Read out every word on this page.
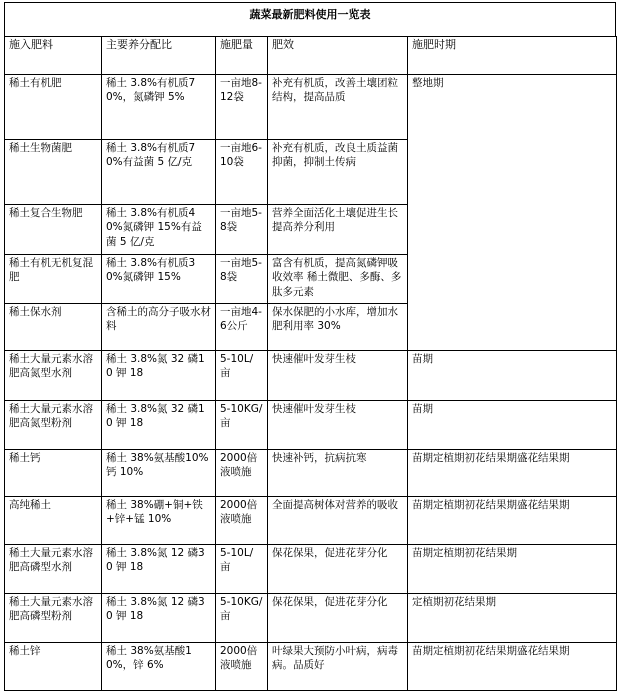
蔬菜最新肥料使用一览表
施入肥料	主要养分配比	施肥量	肥效	施肥时期
稀土有机肥	稀土 3.8%有机质70%，氮磷钾 5%	一亩地8-12袋	补充有机质，改善土壤团粒结构，提高品质	整地期
稀土生物菌肥	稀土 3.8%有机质70%有益菌 5 亿/克	一亩地6-10袋	补充有机质，改良土质益菌抑菌，抑制土传病	
稀土复合生物肥	稀土 3.8%有机质40%氮磷钾 15%有益菌 5 亿/克	一亩地5-8袋	营养全面活化土壤促进生长提高养分利用	
稀土有机无机复混肥	稀土 3.8%有机质30%氮磷钾 15%	一亩地5-8袋	富含有机质，提高氮磷钾吸收效率 稀土微肥、多酶、多肽多元素	
稀土保水剂	含稀土的高分子吸水材料	一亩地4-6公斤	保水保肥的小水库，增加水肥利用率 30%	
稀土大量元素水溶肥高氮型水剂	稀土 3.8%氮 32 磷10 钾 18	5-10L/亩	快速催叶发芽生枝	苗期
稀土大量元素水溶肥高氮型粉剂	稀土 3.8%氮 32 磷10 钾 18	5-10KG/亩	快速催叶发芽生枝	苗期
稀土钙	稀土 38%氨基酸10%钙 10%	2000倍液喷施	快速补钙，抗病抗寒	苗期定植期初花结果期盛花结果期
高纯稀土	稀土 38%硼+铜+铁+锌+锰 10%	2000倍液喷施	全面提高树体对营养的吸收	苗期定植期初花结果期盛花结果期
稀土大量元素水溶肥高磷型水剂	稀土 3.8%氮 12 磷30 钾 18	5-10L/亩	保花保果，促进花芽分化	苗期定植期初花结果期
稀土大量元素水溶肥高磷型粉剂	稀土 3.8%氮 12 磷30 钾 18	5-10KG/亩	保花保果，促进花芽分化	定植期初花结果期
稀土锌	稀土 38%氨基酸10%，锌 6%	2000倍液喷施	叶绿果大预防小叶病，病毒病。品质好	苗期定植期初花结果期盛花结果期
